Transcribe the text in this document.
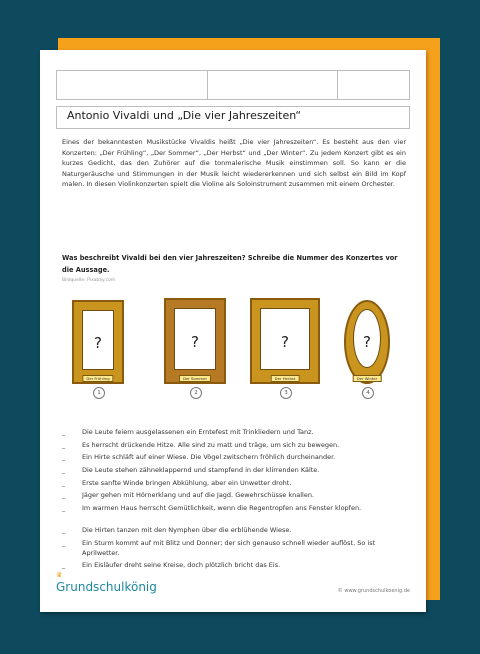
Antonio Vivaldi und „Die vier Jahreszeiten“

Eines der bekanntesten Musikstücke Vivaldis heißt „Die vier Jahreszeiten“. Es besteht aus den vier Konzerten: „Der Frühling“, „Der Sommer“, „Der Herbst“ und „Der Winter“. Zu jedem Konzert gibt es ein kurzes Gedicht, das den Zuhörer auf die tonmalerische Musik einstimmen soll. So kann er die Naturgeräusche und Stimmungen in der Musik leicht wiedererkennen und sich selbst ein Bild im Kopf malen. In diesen Violinkonzerten spielt die Violine als Soloinstrument zusammen mit einem Orchester.

Was beschreibt Vivaldi bei den vier Jahreszeiten? Schreibe die Nummer des Konzertes vor die Aussage.

Bildquelle: Pixabay.com
?
Der Frühling
1
?
Der Sommer
2
?
Der Herbst
3
?
Der Winter
4
_	Die Leute feiern ausgelassenen ein Erntefest mit Trinkliedern und Tanz.
_	Es herrscht drückende Hitze. Alle sind zu matt und träge, um sich zu bewegen.
_	Ein Hirte schläft auf einer Wiese. Die Vögel zwitschern fröhlich durcheinander.
_	Die Leute stehen zähneklappernd und stampfend in der klirrenden Kälte.
_	Erste sanfte Winde bringen Abkühlung, aber ein Unwetter droht.
_	Jäger gehen mit Hörnerklang und auf die Jagd. Gewehrschüsse knallen.
_	Im warmen Haus herrscht Gemütlichkeit, wenn die Regentropfen ans Fenster klopfen.
_	Die Hirten tanzen mit den Nymphen über die erblühende Wiese.
_	Ein Sturm kommt auf mit Blitz und Donner; der sich genauso schnell wieder auflöst. So ist Aprilwetter.
_	Ein Eisläufer dreht seine Kreise, doch plötzlich bricht das Eis.
♛
Grundschulkönig	© www.grundschulkoenig.de
